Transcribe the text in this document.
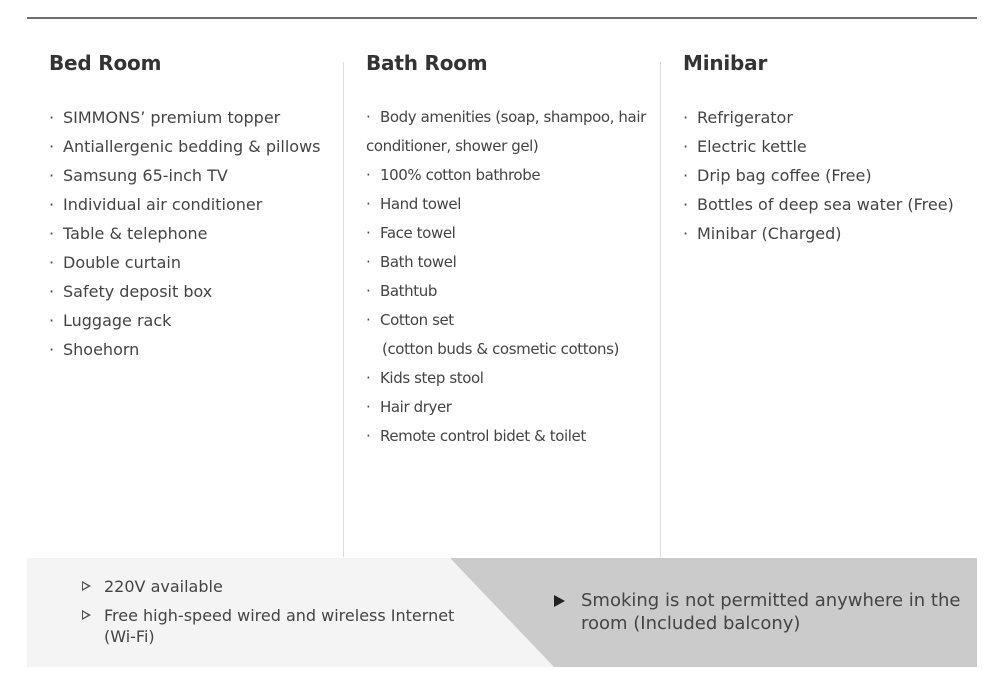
Bed Room
· SIMMONS’ premium topper
· Antiallergenic bedding & pillows
· Samsung 65-inch TV
· Individual air conditioner
· Table & telephone
· Double curtain
· Safety deposit box
· Luggage rack
· Shoehorn
Bath Room
· Body amenities (soap, shampoo, hair
conditioner, shower gel)
· 100% cotton bathrobe
· Hand towel
· Face towel
· Bath towel
· Bathtub
· Cotton set
(cotton buds & cosmetic cottons)
· Kids step stool
· Hair dryer
· Remote control bidet & toilet
Minibar
· Refrigerator
· Electric kettle
· Drip bag coffee (Free)
· Bottles of deep sea water (Free)
· Minibar (Charged)
220V available
Free high-speed wired and wireless Internet (Wi-Fi)
Smoking is not permitted anywhere in the room (Included balcony)
